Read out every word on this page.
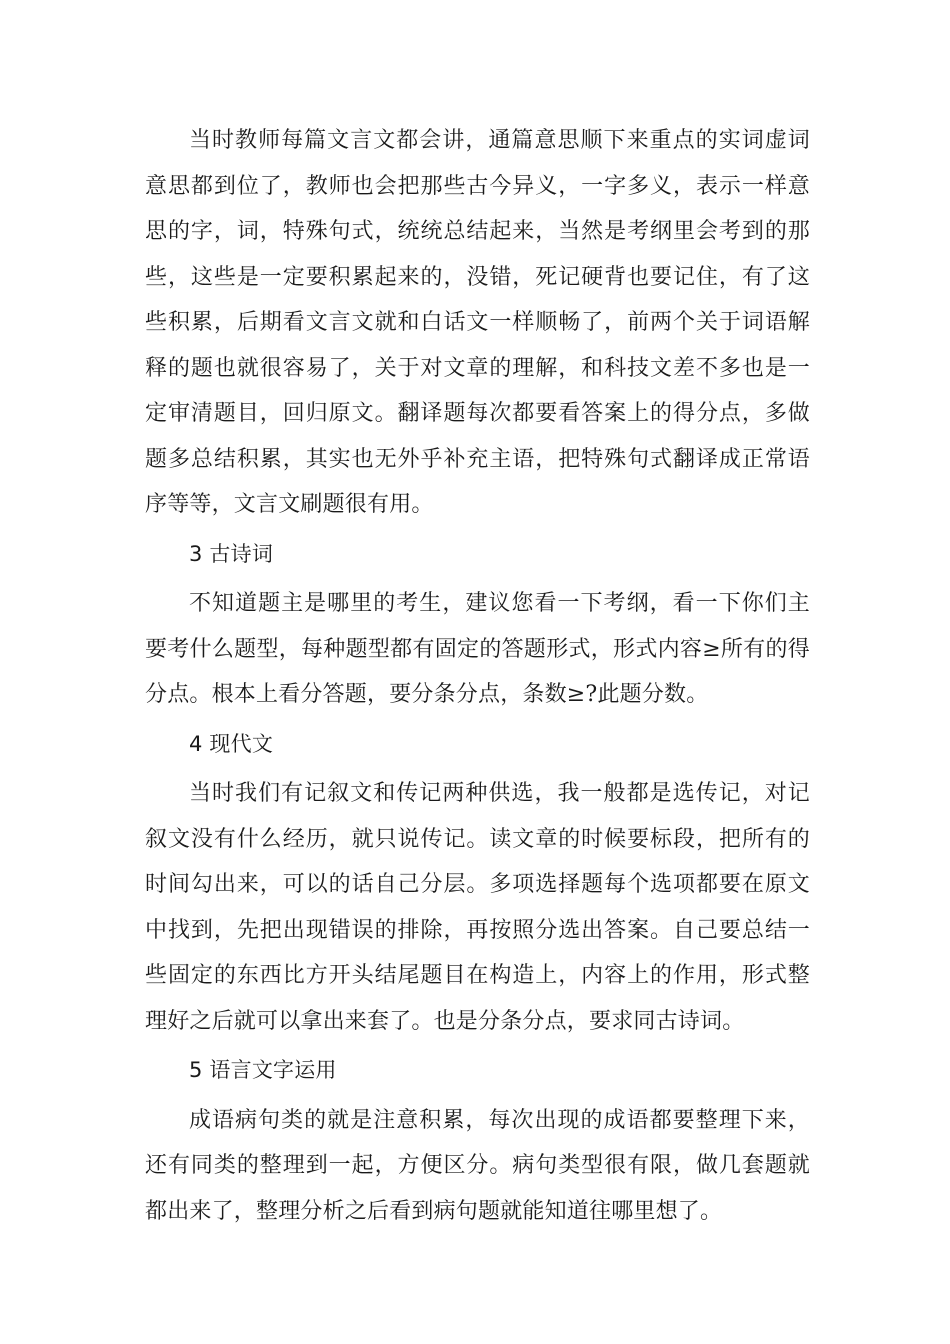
当时教师每篇文言文都会讲，通篇意思顺下来重点的实词虚词意思都到位了，教师也会把那些古今异义，一字多义，表示一样意思的字，词，特殊句式，统统总结起来，当然是考纲里会考到的那些，这些是一定要积累起来的，没错，死记硬背也要记住，有了这些积累，后期看文言文就和白话文一样顺畅了，前两个关于词语解释的题也就很容易了，关于对文章的理解，和科技文差不多也是一定审清题目，回归原文。翻译题每次都要看答案上的得分点，多做题多总结积累，其实也无外乎补充主语，把特殊句式翻译成正常语序等等，文言文刷题很有用。

3 古诗词

不知道题主是哪里的考生，建议您看一下考纲，看一下你们主要考什么题型，每种题型都有固定的答题形式，形式内容≥所有的得分点。根本上看分答题，要分条分点，条数≥?此题分数。

4 现代文

当时我们有记叙文和传记两种供选，我一般都是选传记，对记叙文没有什么经历，就只说传记。读文章的时候要标段，把所有的时间勾出来，可以的话自己分层。多项选择题每个选项都要在原文中找到，先把出现错误的排除，再按照分选出答案。自己要总结一些固定的东西比方开头结尾题目在构造上，内容上的作用，形式整理好之后就可以拿出来套了。也是分条分点，要求同古诗词。

5 语言文字运用

成语病句类的就是注意积累，每次出现的成语都要整理下来，还有同类的整理到一起，方便区分。病句类型很有限，做几套题就都出来了，整理分析之后看到病句题就能知道往哪里想了。
